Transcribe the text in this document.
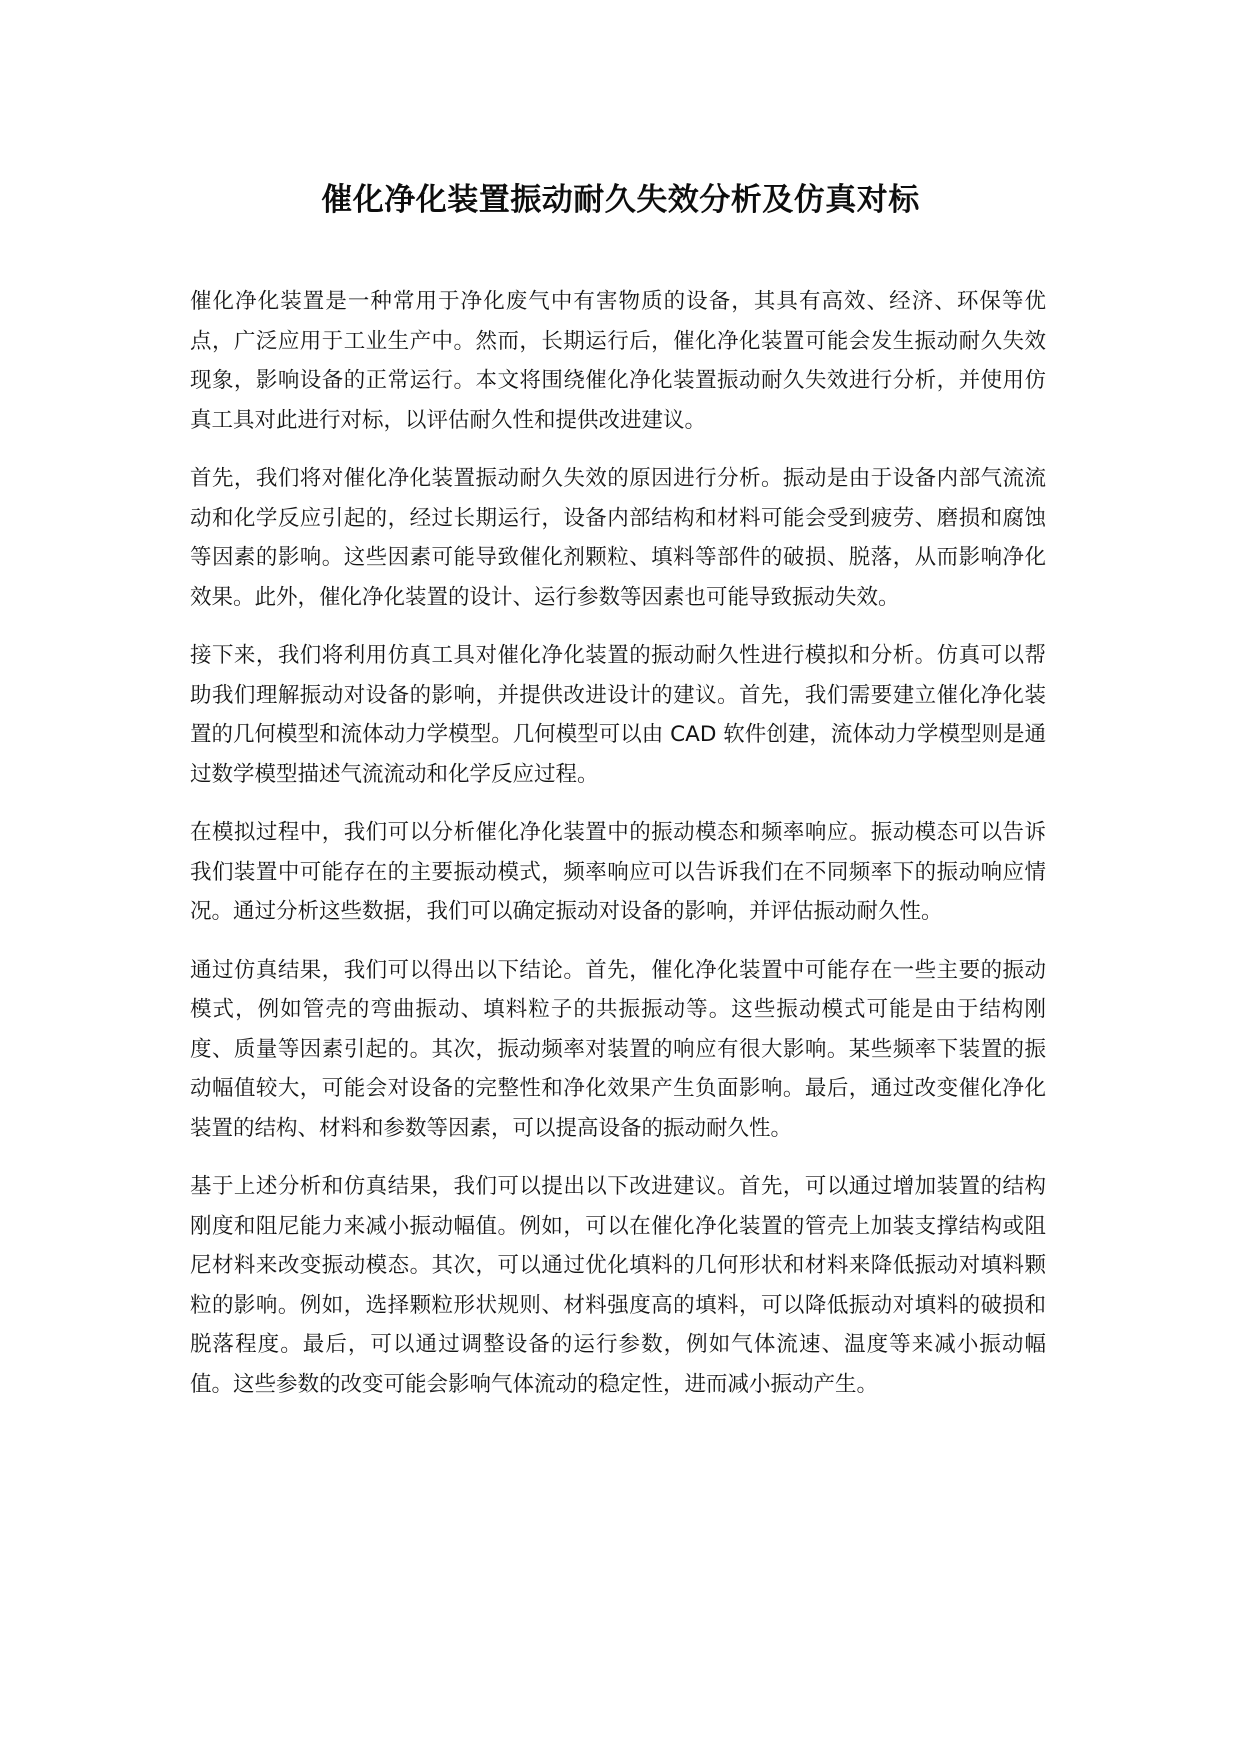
催化净化装置振动耐久失效分析及仿真对标

催化净化装置是一种常用于净化废气中有害物质的设备，其具有高效、经济、环保等优点，广泛应用于工业生产中。然而，长期运行后，催化净化装置可能会发生振动耐久失效现象，影响设备的正常运行。本文将围绕催化净化装置振动耐久失效进行分析，并使用仿真工具对此进行对标，以评估耐久性和提供改进建议。

首先，我们将对催化净化装置振动耐久失效的原因进行分析。振动是由于设备内部气流流动和化学反应引起的，经过长期运行，设备内部结构和材料可能会受到疲劳、磨损和腐蚀等因素的影响。这些因素可能导致催化剂颗粒、填料等部件的破损、脱落，从而影响净化效果。此外，催化净化装置的设计、运行参数等因素也可能导致振动失效。

接下来，我们将利用仿真工具对催化净化装置的振动耐久性进行模拟和分析。仿真可以帮助我们理解振动对设备的影响，并提供改进设计的建议。首先，我们需要建立催化净化装置的几何模型和流体动力学模型。几何模型可以由 CAD 软件创建，流体动力学模型则是通过数学模型描述气流流动和化学反应过程。

在模拟过程中，我们可以分析催化净化装置中的振动模态和频率响应。振动模态可以告诉我们装置中可能存在的主要振动模式，频率响应可以告诉我们在不同频率下的振动响应情况。通过分析这些数据，我们可以确定振动对设备的影响，并评估振动耐久性。

通过仿真结果，我们可以得出以下结论。首先，催化净化装置中可能存在一些主要的振动模式，例如管壳的弯曲振动、填料粒子的共振振动等。这些振动模式可能是由于结构刚度、质量等因素引起的。其次，振动频率对装置的响应有很大影响。某些频率下装置的振动幅值较大，可能会对设备的完整性和净化效果产生负面影响。最后，通过改变催化净化装置的结构、材料和参数等因素，可以提高设备的振动耐久性。

基于上述分析和仿真结果，我们可以提出以下改进建议。首先，可以通过增加装置的结构刚度和阻尼能力来减小振动幅值。例如，可以在催化净化装置的管壳上加装支撑结构或阻尼材料来改变振动模态。其次，可以通过优化填料的几何形状和材料来降低振动对填料颗粒的影响。例如，选择颗粒形状规则、材料强度高的填料，可以降低振动对填料的破损和脱落程度。最后，可以通过调整设备的运行参数，例如气体流速、温度等来减小振动幅值。这些参数的改变可能会影响气体流动的稳定性，进而减小振动产生。
